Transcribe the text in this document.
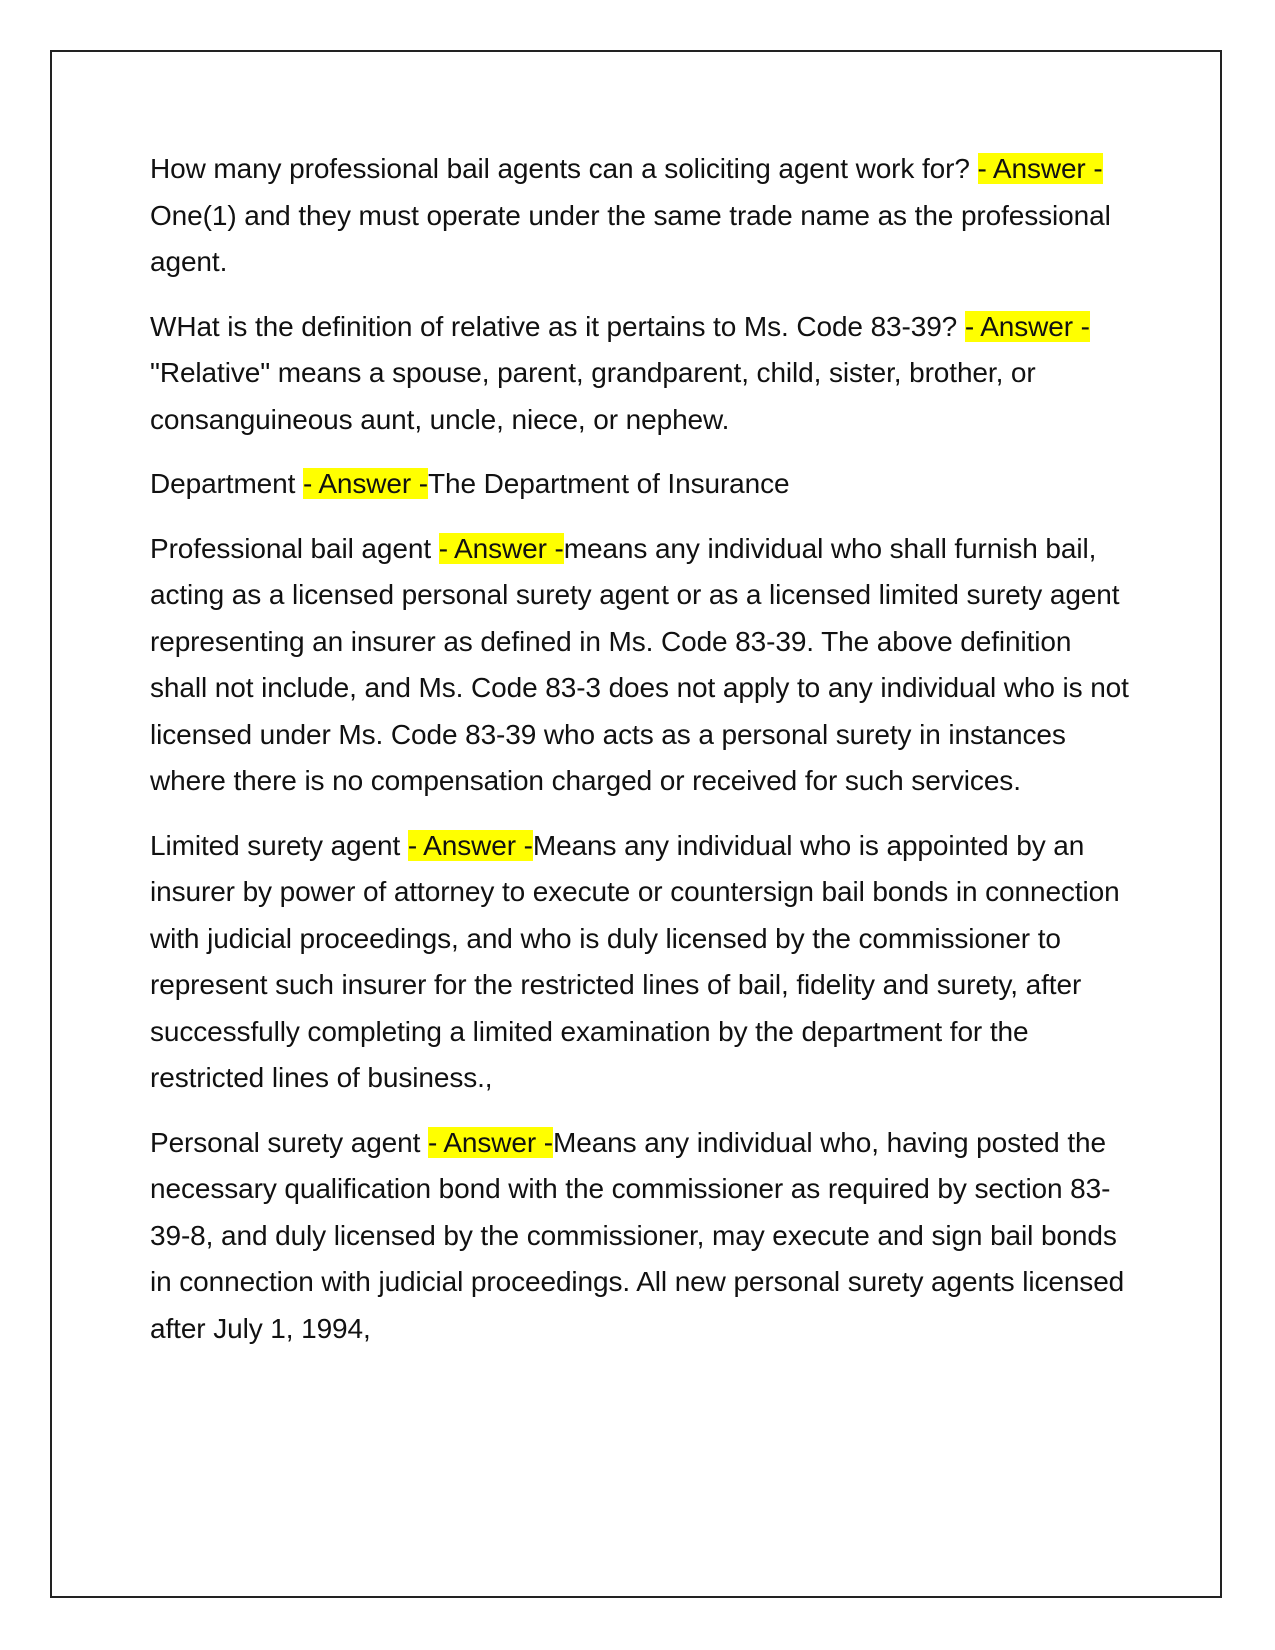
How many professional bail agents can a soliciting agent work for? - Answer -One(1) and they must operate under the same trade name as the professional agent.

WHat is the definition of relative as it pertains to Ms. Code 83-39? - Answer -"Relative" means a spouse, parent, grandparent, child, sister, brother, or consanguineous aunt, uncle, niece, or nephew.

Department - Answer -The Department of Insurance

Professional bail agent - Answer -means any individual who shall furnish bail, acting as a licensed personal surety agent or as a licensed limited surety agent representing an insurer as defined in Ms. Code 83-39. The above definition shall not include, and Ms. Code 83-3 does not apply to any individual who is not licensed under Ms. Code 83-39 who acts as a personal surety in instances where there is no compensation charged or received for such services.

Limited surety agent - Answer -Means any individual who is appointed by an insurer by power of attorney to execute or countersign bail bonds in connection with judicial proceedings, and who is duly licensed by the commissioner to represent such insurer for the restricted lines of bail, fidelity and surety, after successfully completing a limited examination by the department for the restricted lines of business.,

Personal surety agent - Answer -Means any individual who, having posted the necessary qualification bond with the commissioner as required by section 83-39-8, and duly licensed by the commissioner, may execute and sign bail bonds in connection with judicial proceedings. All new personal surety agents licensed after July 1, 1994,
